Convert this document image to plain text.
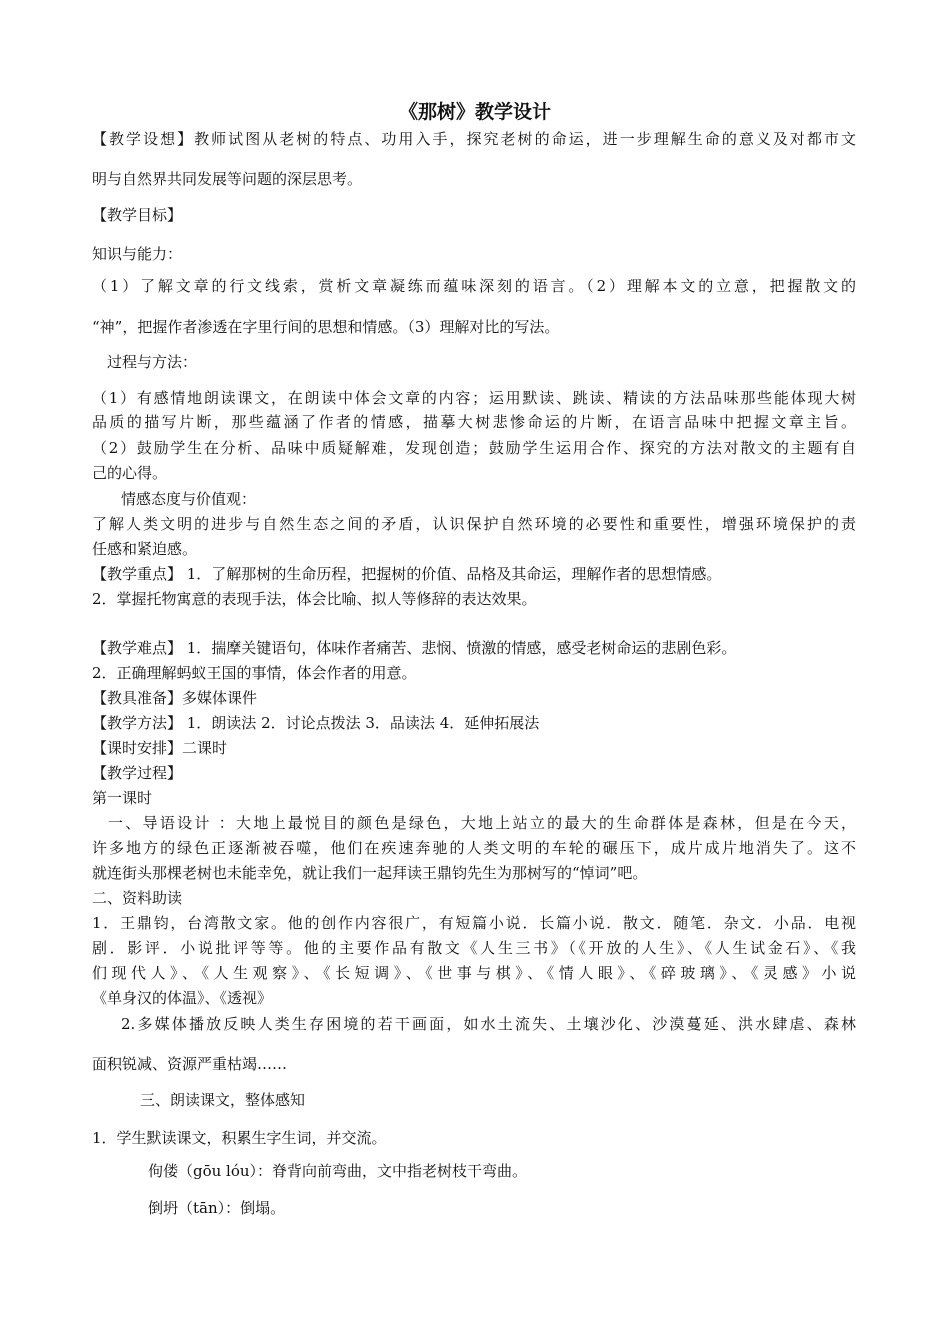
《那树》教学设计
【教学设想】教师试图从老树的特点、功用入手，探究老树的命运，进一步理解生命的意义及对都市文
明与自然界共同发展等问题的深层思考。
【教学目标】
知识与能力：
（1）了解文章的行文线索，赏析文章凝练而蕴味深刻的语言。（2）理解本文的立意，把握散文的
“神”，把握作者渗透在字里行间的思想和情感。（3）理解对比的写法。
过程与方法：
（1）有感情地朗读课文，在朗读中体会文章的内容；运用默读、跳读、精读的方法品味那些能体现大树
品质的描写片断，那些蕴涵了作者的情感，描摹大树悲惨命运的片断，在语言品味中把握文章主旨。
（2）鼓励学生在分析、品味中质疑解难，发现创造；鼓励学生运用合作、探究的方法对散文的主题有自
己的心得。
情感态度与价值观：
了解人类文明的进步与自然生态之间的矛盾，认识保护自然环境的必要性和重要性，增强环境保护的责
任感和紧迫感。
【教学重点】 1．了解那树的生命历程，把握树的价值、品格及其命运，理解作者的思想情感。
2．掌握托物寓意的表现手法，体会比喻、拟人等修辞的表达效果。
【教学难点】 1．揣摩关键语句，体味作者痛苦、悲悯、愤激的情感，感受老树命运的悲剧色彩。
2．正确理解蚂蚁王国的事情，体会作者的用意。
【教具准备】多媒体课件
【教学方法】 1．朗读法 2．讨论点拨法 3．品读法 4．延伸拓展法
【课时安排】二课时
【教学过程】
第一课时
一、导语设计 ：大地上最悦目的颜色是绿色，大地上站立的最大的生命群体是森林，但是在今天，
许多地方的绿色正逐渐被吞噬，他们在疾速奔驰的人类文明的车轮的碾压下，成片成片地消失了。这不
就连街头那棵老树也未能幸免，就让我们一起拜读王鼎钧先生为那树写的“悼词”吧。
二、资料助读
1．王鼎钧，台湾散文家。他的创作内容很广，有短篇小说．长篇小说．散文．随笔．杂文．小品．电视
剧．影评．小说批评等等。他的主要作品有散文《人生三书》（《开放的人生》、《人生试金石》、《我
们现代人》、《人生观察》、《长短调》、《世事与棋》、《情人眼》、《碎玻璃》、《灵感》小说
《单身汉的体温》、《透视》
2.多媒体播放反映人类生存困境的若干画面，如水土流失、土壤沙化、沙漠蔓延、洪水肆虐、森林
面积锐减、资源严重枯竭……
三、朗读课文，整体感知
1．学生默读课文，积累生字生词，并交流。
佝偻（gōu lóu）：脊背向前弯曲，文中指老树枝干弯曲。
倒坍（tān）：倒塌。
